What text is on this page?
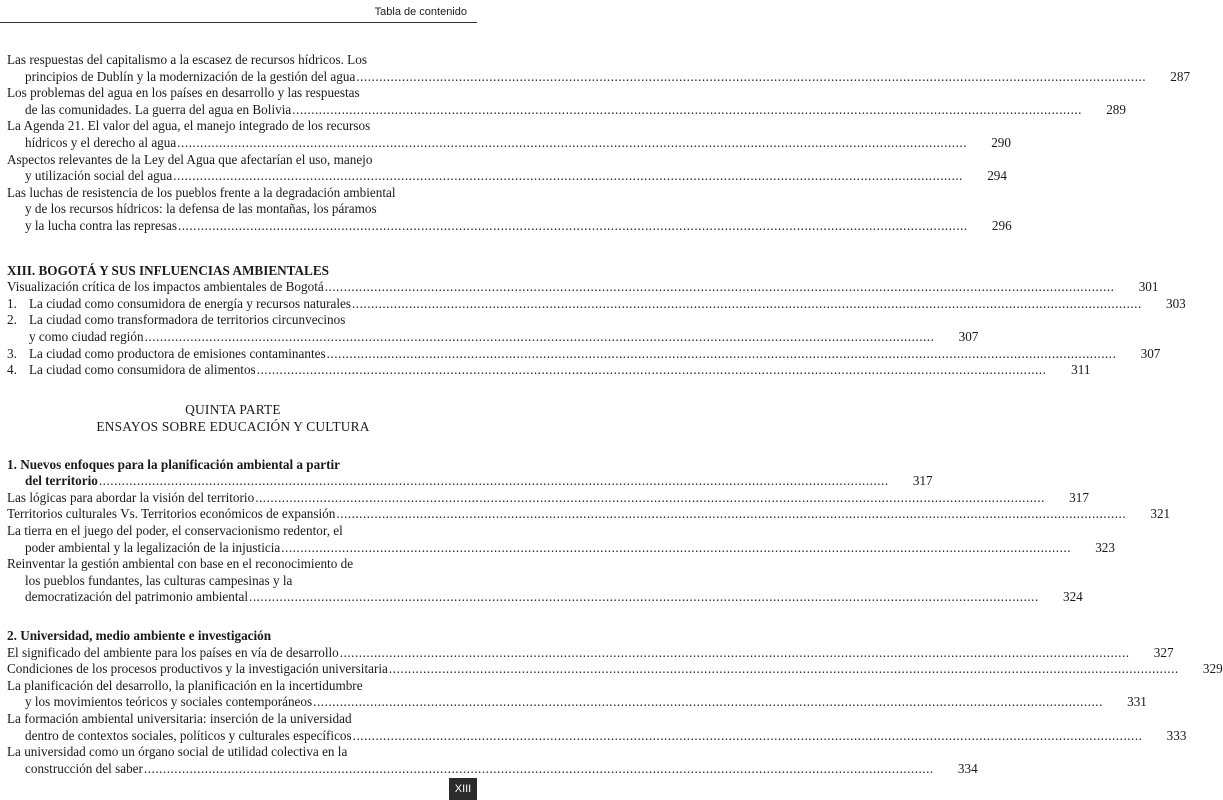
Tabla de contenido
Las respuestas del capitalismo a la escasez de recursos hídricos. Los
principios de Dublín y la modernización de la gestión del agua .....	287
Los problemas del agua en los países en desarrollo y las respuestas
de las comunidades. La guerra del agua en Bolivia .....	289
La Agenda 21. El valor del agua, el manejo integrado de los recursos
hídricos y el derecho al agua .....	290
Aspectos relevantes de la Ley del Agua que afectarían el uso, manejo
y utilización social del agua .....	294
Las luchas de resistencia de los pueblos frente a la degradación ambiental
y de los recursos hídricos: la defensa de las montañas, los páramos
y la lucha contra las represas .....	296
XIII. BOGOTÁ Y SUS INFLUENCIAS AMBIENTALES
Visualización crítica de los impactos ambientales de Bogotá .....	301
1. La ciudad como consumidora de energía y recursos naturales .....	303
2. La ciudad como transformadora de territorios circunvecinos
y como ciudad región .....	307
3. La ciudad como productora de emisiones contaminantes .....	307
4. La ciudad como consumidora de alimentos .....	311
QUINTA PARTE
ENSAYOS SOBRE EDUCACIÓN Y CULTURA
1. Nuevos enfoques para la planificación ambiental a partir
del territorio .....	317
Las lógicas para abordar la visión del territorio .....	317
Territorios culturales Vs. Territorios económicos de expansión .....	321
La tierra en el juego del poder, el conservacionismo redentor, el
poder ambiental y la legalización de la injusticia .....	323
Reinventar la gestión ambiental con base en el reconocimiento de
los pueblos fundantes, las culturas campesinas y la
democratización del patrimonio ambiental .....	324
2. Universidad, medio ambiente e investigación
El significado del ambiente para los países en vía de desarrollo .....	327
Condiciones de los procesos productivos y la investigación universitaria .....	329
La planificación del desarrollo, la planificación en la incertidumbre
y los movimientos teóricos y sociales contemporáneos .....	331
La formación ambiental universitaria: inserción de la universidad
dentro de contextos sociales, políticos y culturales específicos .....	333
La universidad como un órgano social de utilidad colectiva en la
construcción del saber .....	334
XIII
